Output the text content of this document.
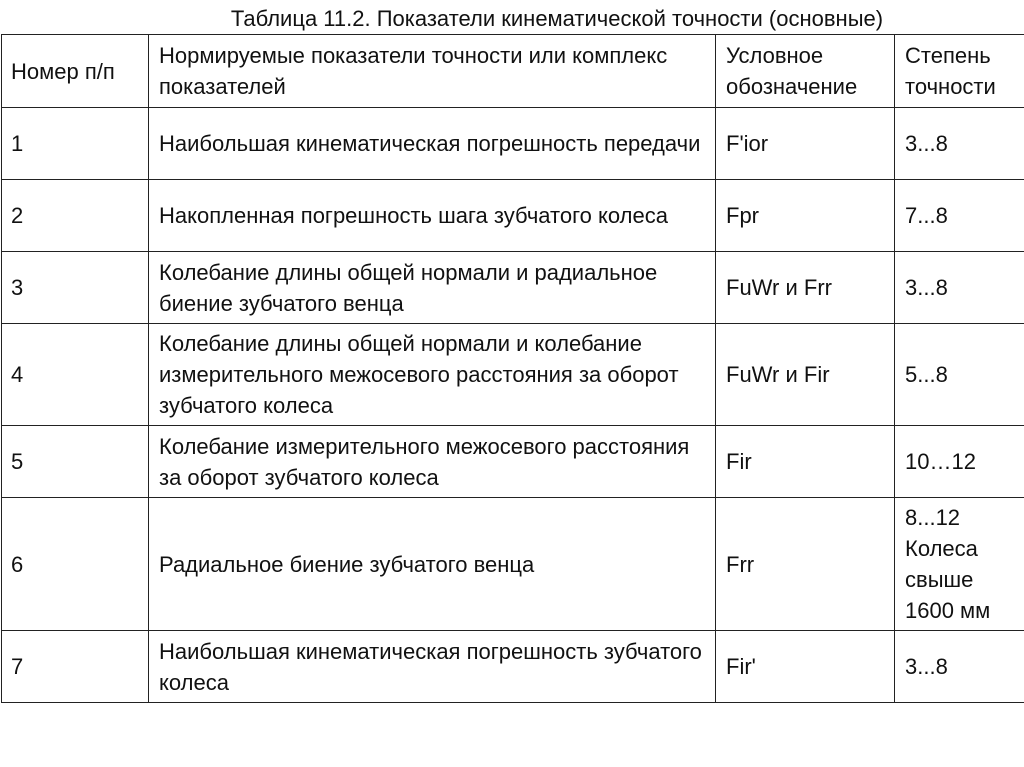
Таблица 11.2. Показатели кинематической точности (основные)
Номер п/п	Нормируемые показатели точности или комплекс показателей	Условное обозначение	Степень точности
1	Наибольшая кинематическая погрешность передачи	F'ior	3...8
2	Накопленная погрешность шага зубчатого колеса	Fpr	7...8
3	Колебание длины общей нормали и радиальное биение зубчатого венца	FuWr и Frr	3...8
4	Колебание длины общей нормали и колебание измерительного межосевого расстояния за оборот зубчатого колеса	FuWr и Fir	5...8
5	Колебание измерительного межосевого расстояния за оборот зубчатого колеса	Fir	10…12
6	Радиальное биение зубчатого венца	Frr	8...12 Колеса свыше 1600 мм
7	Наибольшая кинематическая погрешность зубчатого колеса	Fir'	3...8
